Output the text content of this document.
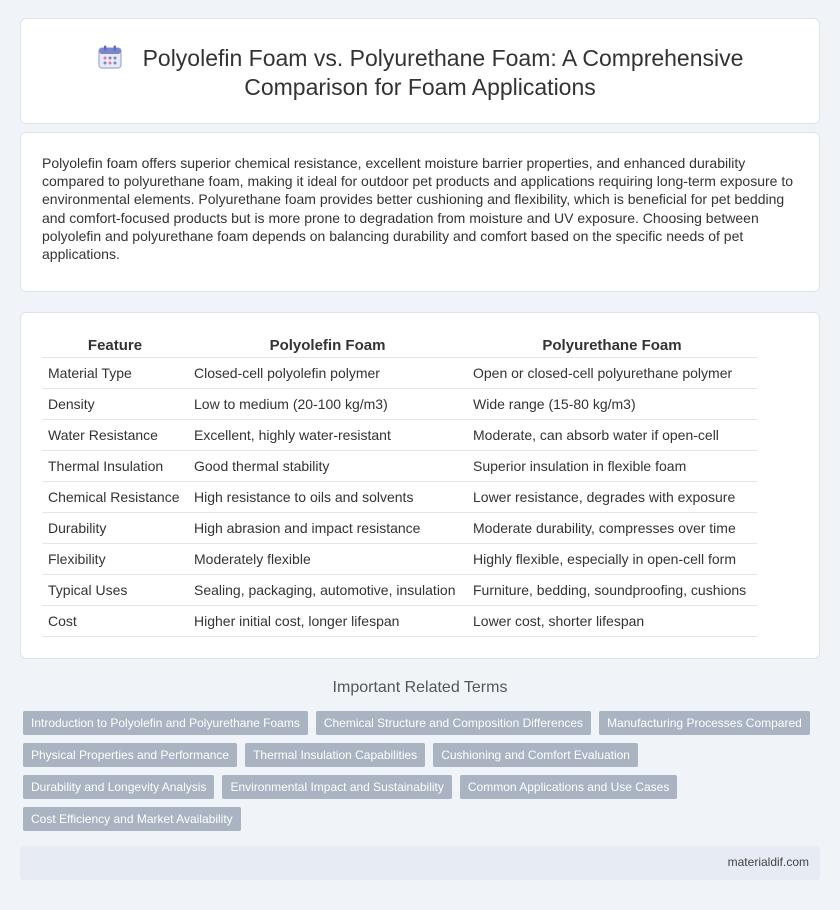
Polyolefin Foam vs. Polyurethane Foam: A Comprehensive Comparison for Foam Applications

Polyolefin foam offers superior chemical resistance, excellent moisture barrier properties, and enhanced durability compared to polyurethane foam, making it ideal for outdoor pet products and applications requiring long-term exposure to environmental elements. Polyurethane foam provides better cushioning and flexibility, which is beneficial for pet bedding and comfort-focused products but is more prone to degradation from moisture and UV exposure. Choosing between polyolefin and polyurethane foam depends on balancing durability and comfort based on the specific needs of pet applications.

Feature	Polyolefin Foam	Polyurethane Foam
Material Type	Closed-cell polyolefin polymer	Open or closed-cell polyurethane polymer
Density	Low to medium (20-100 kg/m3)	Wide range (15-80 kg/m3)
Water Resistance	Excellent, highly water-resistant	Moderate, can absorb water if open-cell
Thermal Insulation	Good thermal stability	Superior insulation in flexible foam
Chemical Resistance	High resistance to oils and solvents	Lower resistance, degrades with exposure
Durability	High abrasion and impact resistance	Moderate durability, compresses over time
Flexibility	Moderately flexible	Highly flexible, especially in open-cell form
Typical Uses	Sealing, packaging, automotive, insulation	Furniture, bedding, soundproofing, cushions
Cost	Higher initial cost, longer lifespan	Lower cost, shorter lifespan
Important Related Terms
Introduction to Polyolefin and Polyurethane Foams	Chemical Structure and Composition Differences	Manufacturing Processes Compared
Physical Properties and Performance	Thermal Insulation Capabilities	Cushioning and Comfort Evaluation
Durability and Longevity Analysis	Environmental Impact and Sustainability	Common Applications and Use Cases
Cost Efficiency and Market Availability
materialdif.com
